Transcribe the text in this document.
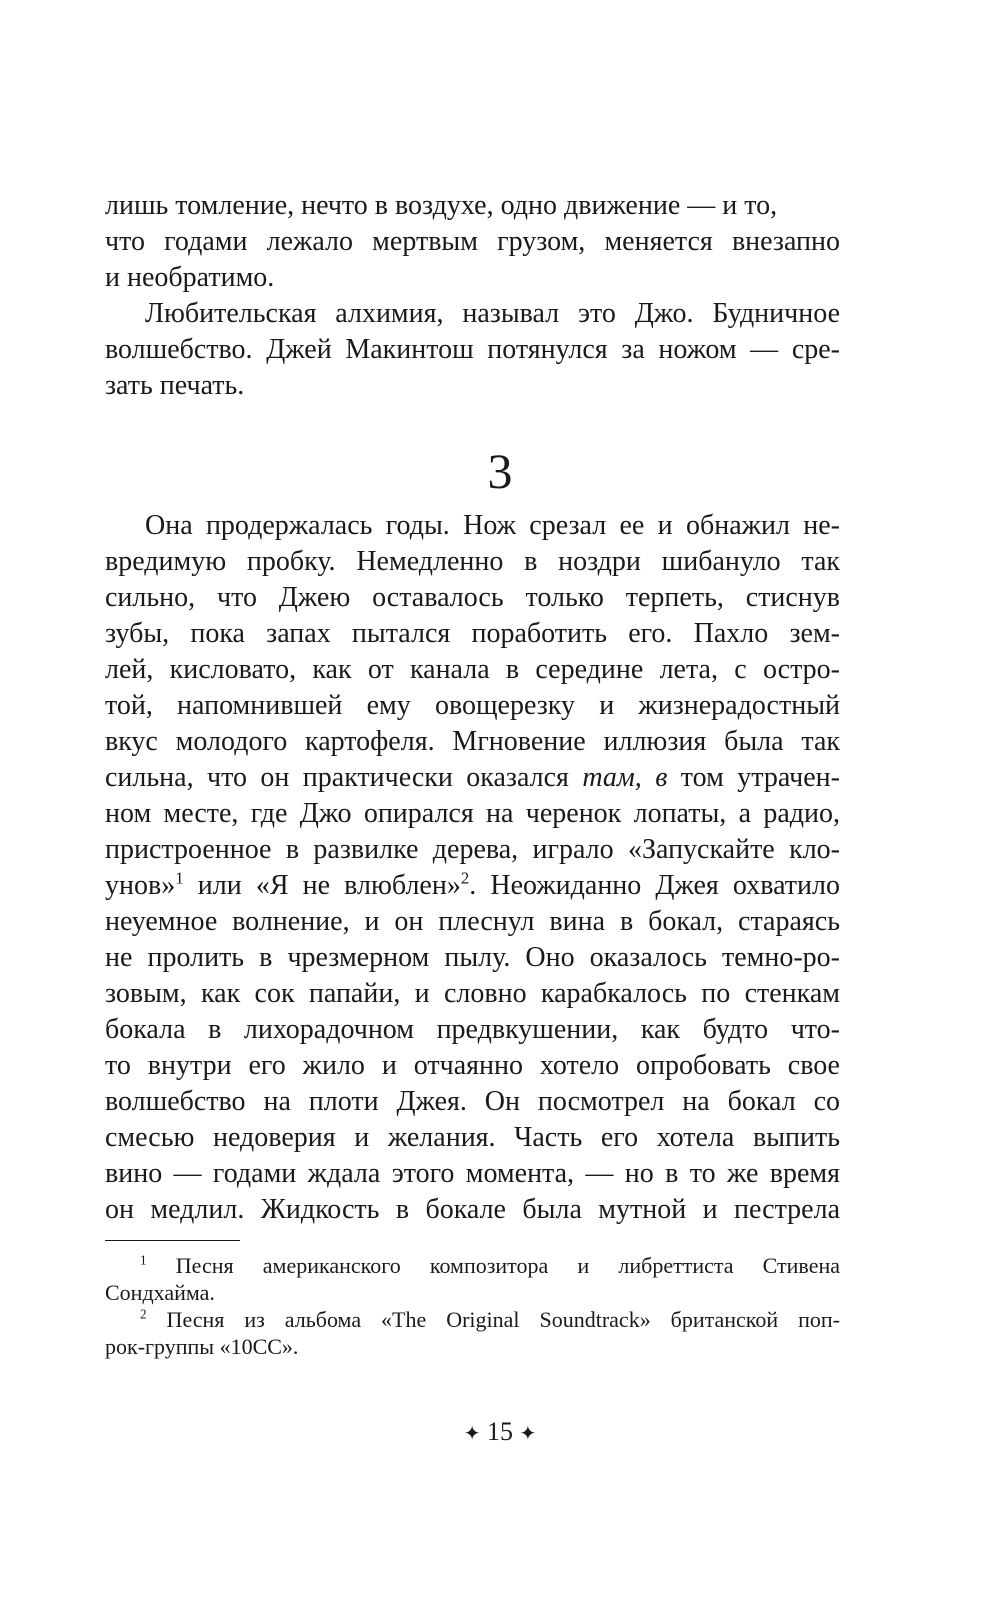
лишь томление, нечто в воздухе, одно движение — и то,
что годами лежало мертвым грузом, меняется внезапно
и необратимо.
Любительская алхимия, называл это Джо. Будничное
волшебство. Джей Макинтош потянулся за ножом — сре-
зать печать.
3
Она продержалась годы. Нож срезал ее и обнажил не-
вредимую пробку. Немедленно в ноздри шибануло так
сильно, что Джею оставалось только терпеть, стиснув
зубы, пока запах пытался поработить его. Пахло зем-
лей, кисловато, как от канала в середине лета, с остро-
той, напомнившей ему овощерезку и жизнерадостный
вкус молодого картофеля. Мгновение иллюзия была так
сильна, что он практически оказался там, в том утрачен-
ном месте, где Джо опирался на черенок лопаты, а радио,
пристроенное в развилке дерева, играло «Запускайте кло-
унов»$^1$ или «Я не влюблен»$^2$. Неожиданно Джея охватило
неуемное волнение, и он плеснул вина в бокал, стараясь
не пролить в чрезмерном пылу. Оно оказалось темно-ро-
зовым, как сок папайи, и словно карабкалось по стенкам
бокала в лихорадочном предвкушении, как будто что-
то внутри его жило и отчаянно хотело опробовать свое
волшебство на плоти Джея. Он посмотрел на бокал со
смесью недоверия и желания. Часть его хотела выпить
вино — годами ждала этого момента, — но в то же время
он медлил. Жидкость в бокале была мутной и пестрела
$^1$ Песня американского композитора и либреттиста Стивена
Сондхайма.
$^2$ Песня из альбома «The Original Soundtrack» британской поп-
рок-группы «10CC».
✦ 15 ✦
